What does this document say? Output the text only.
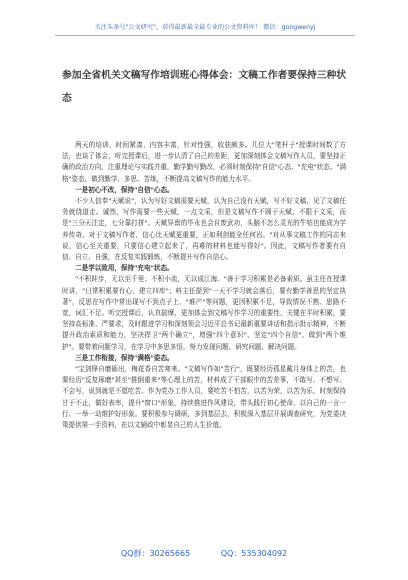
关注头条号"公文研究"，获得最新最全最专业的公文资料库！ 微信：gongwenyj
参加全省机关文稿写作培训班心得体会：文稿工作者要保持三种状态

两天的培训，时间紧凑、内容丰富，针对性强，收获颇多。几位大"笔杆子"授课时间数了方法，也谈了体会，听完授课后，进一步认清了自己的差距，更加深刻体会文稿写作人员，要坚持正确的政治方向，注重理论与实践并重，勤学勤写勤改，必须时刻保持"自信"心态、"充电"状态、"满格"姿态，做到勤学、多思、苦练，不断提高文稿写作的能力水平。

一是初心不改，保持"自信"心态。

不少人信奉"天赋说"，认为写好文稿需要天赋，认为自己没有天赋，写不好文稿，见了文稿任务就绕道走。诚然，写作需要一些天赋，一点文采，但是文稿写作不圆于天赋、不限于文采，而是"三分天注定，七分靠打拼"。天赋异禀的毕永也会自废武功，头脑不怎么灵光的牛牯也能成为学养传奇。对于文稿写作者，信心比天赋更重要，正如利剑能全任何岩。"对从事文稿工作的同志来说，信心至关重要，只要信心建立起来了，再难的材料也能写得好"。因此，文稿写作者要有自信、自立、自强，在反复实践锻炼，不断提升写作自信心。

二是学以致用，保持"充电"状态。

"不积跬步，无以至千里；不积小流，无以成江海。"善于学习积累是必备素质。虽主任在授课时讲，"日常积累要有心，建立四库"；料主任提到"一天不学习就会落后，要有勤学善思的坚定执著"，反思在写作中常出现写不到点子上、"难产"等问题，更因积累不足，导致情况不熟、思路不宽，词汇不足。听完授课后，认真揣摩，更加体会到文稿写作学习的重要性，关键在平时积累，要坚持高标准、严要求，及时跟进学习和深刻领会习近平总书记最新重要讲话和指示批示精神，不断提升政治素质和能力，坚决捍卫"两个确立"，增强"四个意识"、坚定"四个自信"、做到"两个维护"。要带着问题学习，在学习中多思多悟，努力发现问题、研究问题、解决问题。

三是工作衔接，保持"满格"姿态。

"宝剑锋自磨砺出，梅花香自苦寒来。"文稿写作如"苦行"，既要经历孤星戴月身体上的苦，也要经历"反复琢磨"甚至"推倒重来"等心理上的苦，材料成了干部眼中的苦差事，不敢写、不想写、不会写，说到就是不愿吃苦。作为党办工作人员，要吃苦不怕苦，以苦为荣，以苦为乐，时刻保持甘于不止，做好表率，提升"窗口"形象，持续推进作风建设，带头践行初心使命，以自己的一言一行、一举一动维护好形象。要积极参与调研，多到基层去，积极深入基层开展调查研究，为党委决策提供第一手资料，在以文辅政中彰显自己的人生价值。

QQ群：30265665	QQ：535304092
